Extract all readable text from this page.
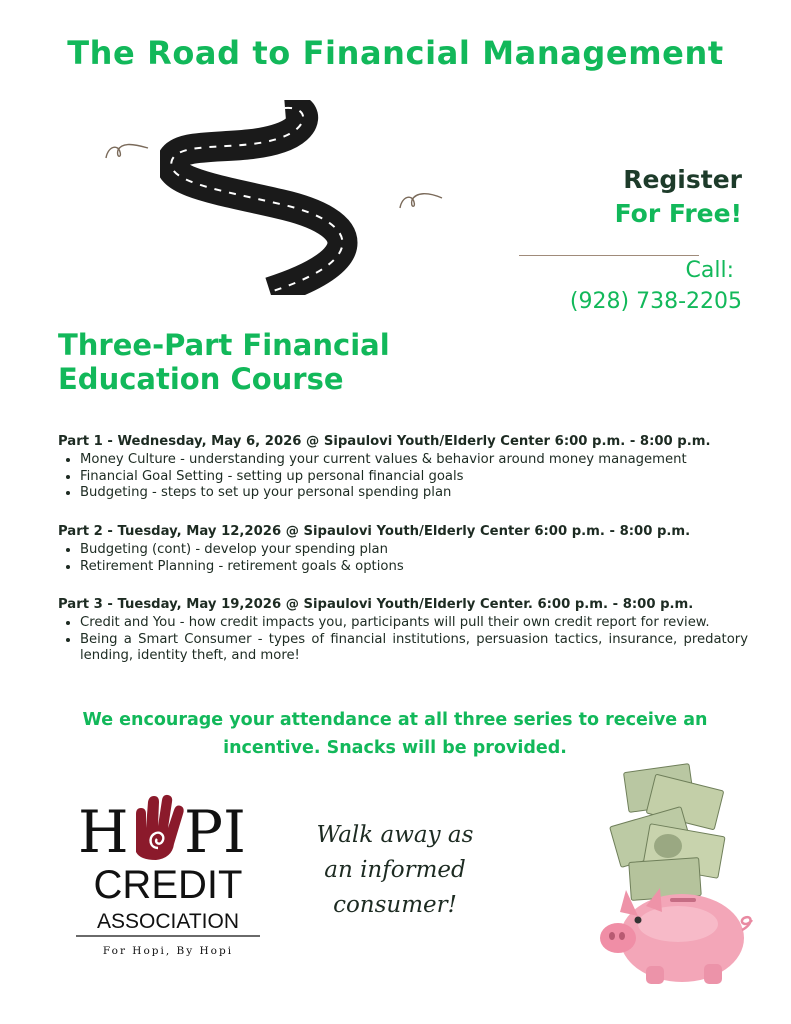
The Road to Financial Management
Register
For Free!
Call:
(928) 738-2205
Three-Part Financial
Education Course

Part 1 - Wednesday, May 6, 2026 @ Sipaulovi Youth/Elderly Center 6:00 p.m. - 8:00 p.m.

• Money Culture - understanding your current values & behavior around money management
• Financial Goal Setting - setting up personal financial goals
• Budgeting - steps to set up your personal spending plan

Part 2 - Tuesday, May 12,2026 @ Sipaulovi Youth/Elderly Center 6:00 p.m. - 8:00 p.m.

• Budgeting (cont) - develop your spending plan
• Retirement Planning - retirement goals & options

Part 3 - Tuesday, May 19,2026 @ Sipaulovi Youth/Elderly Center. 6:00 p.m. - 8:00 p.m.

• Credit and You - how credit impacts you, participants will pull their own credit report for review.
• Being a Smart Consumer - types of financial institutions, persuasion tactics, insurance, predatory lending, identity theft, and more!
We encourage your attendance at all three series to receive an incentive. Snacks will be provided.
H PI
CREDIT
ASSOCIATION
For Hopi, By Hopi
Walk away as
an informed
consumer!
